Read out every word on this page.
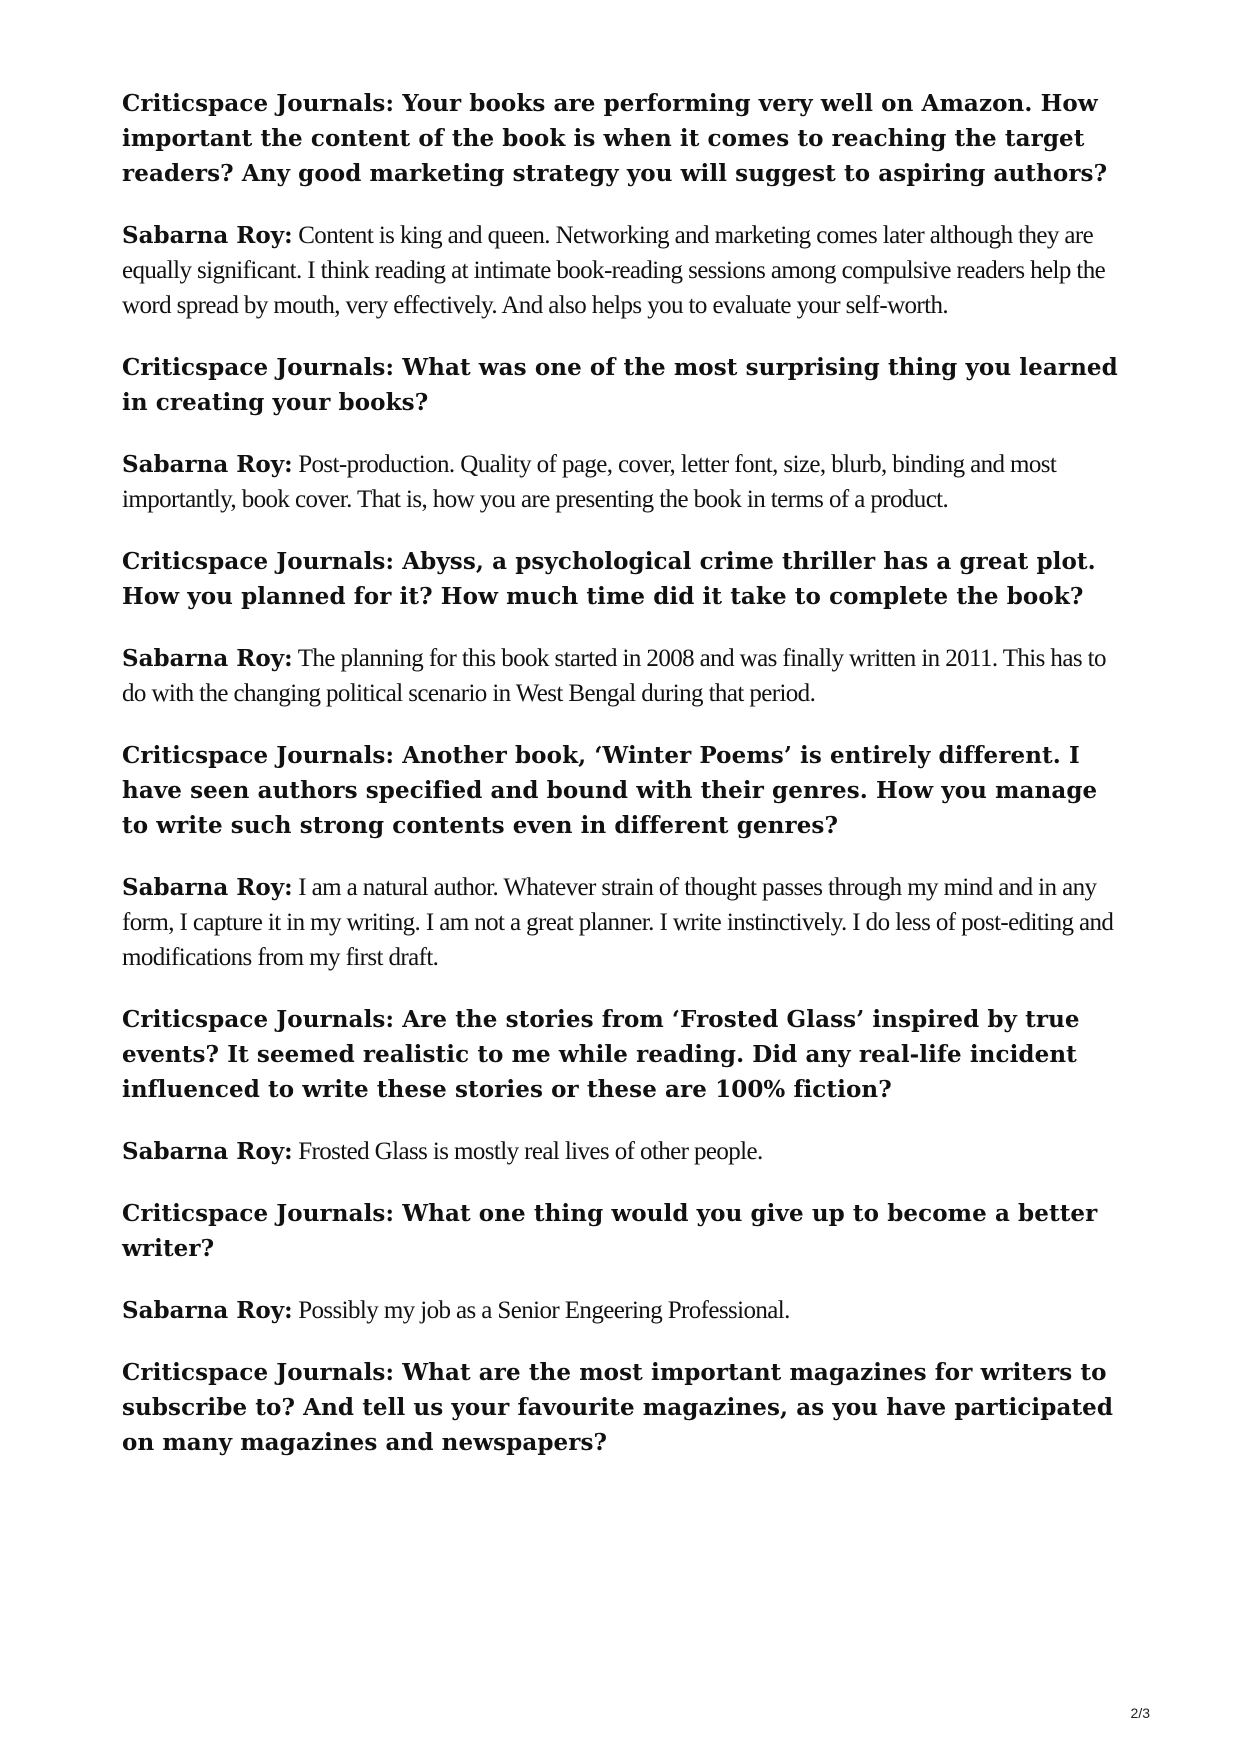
Criticspace Journals: Your books are performing very well on Amazon. How important the content of the book is when it comes to reaching the target readers? Any good marketing strategy you will suggest to aspiring authors?

Sabarna Roy: Content is king and queen. Networking and marketing comes later although they are equally significant. I think reading at intimate book-reading sessions among compulsive readers help the word spread by mouth, very effectively. And also helps you to evaluate your self-worth.

Criticspace Journals: What was one of the most surprising thing you learned in creating your books?

Sabarna Roy: Post-production. Quality of page, cover, letter font, size, blurb, binding and most importantly, book cover. That is, how you are presenting the book in terms of a product.

Criticspace Journals: Abyss, a psychological crime thriller has a great plot. How you planned for it? How much time did it take to complete the book?

Sabarna Roy: The planning for this book started in 2008 and was finally written in 2011. This has to do with the changing political scenario in West Bengal during that period.

Criticspace Journals: Another book, ‘Winter Poems’ is entirely different. I have seen authors specified and bound with their genres. How you manage to write such strong contents even in different genres?

Sabarna Roy: I am a natural author. Whatever strain of thought passes through my mind and in any form, I capture it in my writing. I am not a great planner. I write instinctively. I do less of post-editing and modifications from my first draft.

Criticspace Journals: Are the stories from ‘Frosted Glass’ inspired by true events? It seemed realistic to me while reading. Did any real-life incident influenced to write these stories or these are 100% fiction?

Sabarna Roy: Frosted Glass is mostly real lives of other people.

Criticspace Journals: What one thing would you give up to become a better writer?

Sabarna Roy: Possibly my job as a Senior Engeering Professional.

Criticspace Journals: What are the most important magazines for writers to subscribe to? And tell us your favourite magazines, as you have participated on many magazines and newspapers?

2/3
